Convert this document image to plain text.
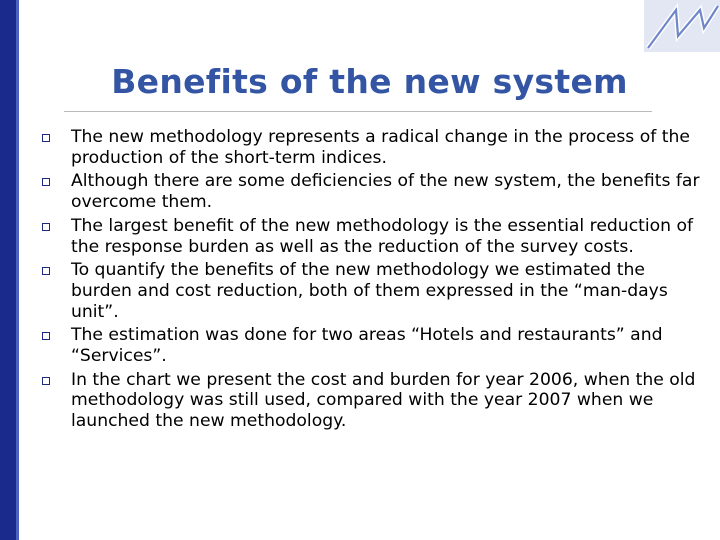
Benefits of the new system
The new methodology represents a radical change in the process of the production of the short-term indices.
Although there are some deficiencies of the new system, the benefits far overcome them.
The largest benefit of the new methodology is the essential reduction of the response burden as well as the reduction of the survey costs.
To quantify the benefits of the new methodology we estimated the burden and cost reduction, both of them expressed in the “man-days unit”.
The estimation was done for two areas “Hotels and restaurants” and “Services”.
In the chart we present the cost and burden for year 2006, when the old methodology was still used, compared with the year 2007 when we launched the new methodology.
